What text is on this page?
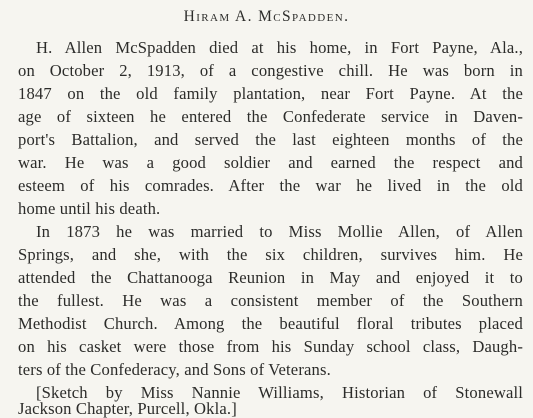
Hiram A. McSpadden.
H. Allen McSpadden died at his home, in Fort Payne, Ala.,
on October 2, 1913, of a congestive chill. He was born in
1847 on the old family plantation, near Fort Payne. At the
age of sixteen he entered the Confederate service in Daven-
port's Battalion, and served the last eighteen months of the
war. He was a good soldier and earned the respect and
esteem of his comrades. After the war he lived in the old
home until his death.
In 1873 he was married to Miss Mollie Allen, of Allen
Springs, and she, with the six children, survives him. He
attended the Chattanooga Reunion in May and enjoyed it to
the fullest. He was a consistent member of the Southern
Methodist Church. Among the beautiful floral tributes placed
on his casket were those from his Sunday school class, Daugh-
ters of the Confederacy, and Sons of Veterans.
[Sketch by Miss Nannie Williams, Historian of Stonewall
Jackson Chapter, Purcell, Okla.]
